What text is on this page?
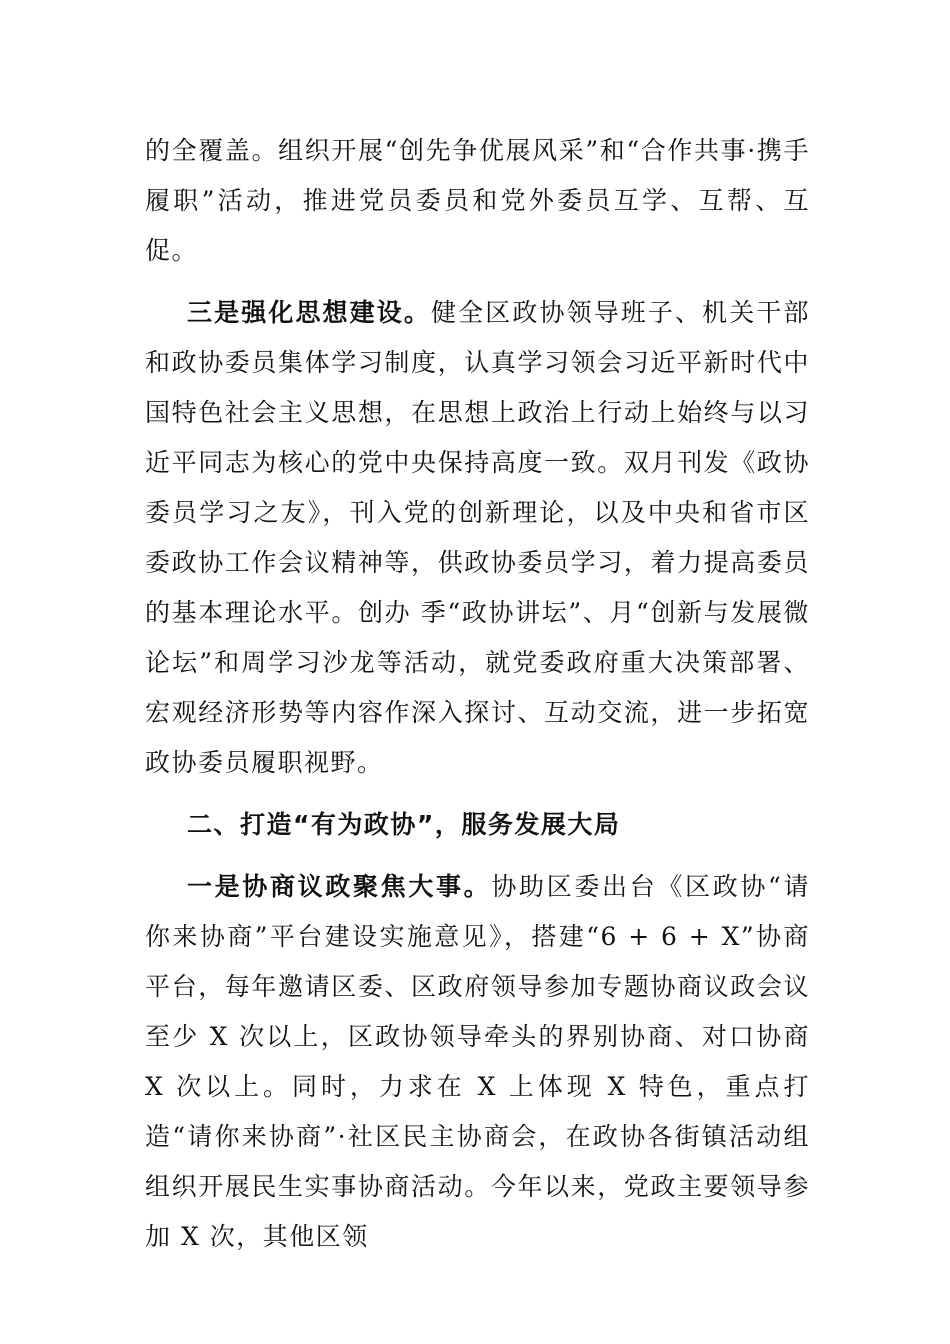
的全覆盖。组织开展“创先争优展风采”和“合作共事·携手履职”活动，推进党员委员和党外委员互学、互帮、互促。

三是强化思想建设。健全区政协领导班子、机关干部和政协委员集体学习制度，认真学习领会习近平新时代中国特色社会主义思想，在思想上政治上行动上始终与以习近平同志为核心的党中央保持高度一致。双月刊发《政协委员学习之友》，刊入党的创新理论，以及中央和省市区委政协工作会议精神等，供政协委员学习，着力提高委员的基本理论水平。创办 季“政协讲坛”、月“创新与发展微论坛”和周学习沙龙等活动，就党委政府重大决策部署、宏观经济形势等内容作深入探讨、互动交流，进一步拓宽政协委员履职视野。

二、打造“有为政协”，服务发展大局

一是协商议政聚焦大事。协助区委出台《区政协“请你来协商”平台建设实施意见》，搭建“6 + 6 + X”协商平台，每年邀请区委、区政府领导参加专题协商议政会议至少 X 次以上，区政协领导牵头的界别协商、对口协商 X 次以上。同时，力求在 X 上体现 X 特色，重点打造“请你来协商”·社区民主协商会，在政协各街镇活动组组织开展民生实事协商活动。今年以来，党政主要领导参加 X 次，其他区领
